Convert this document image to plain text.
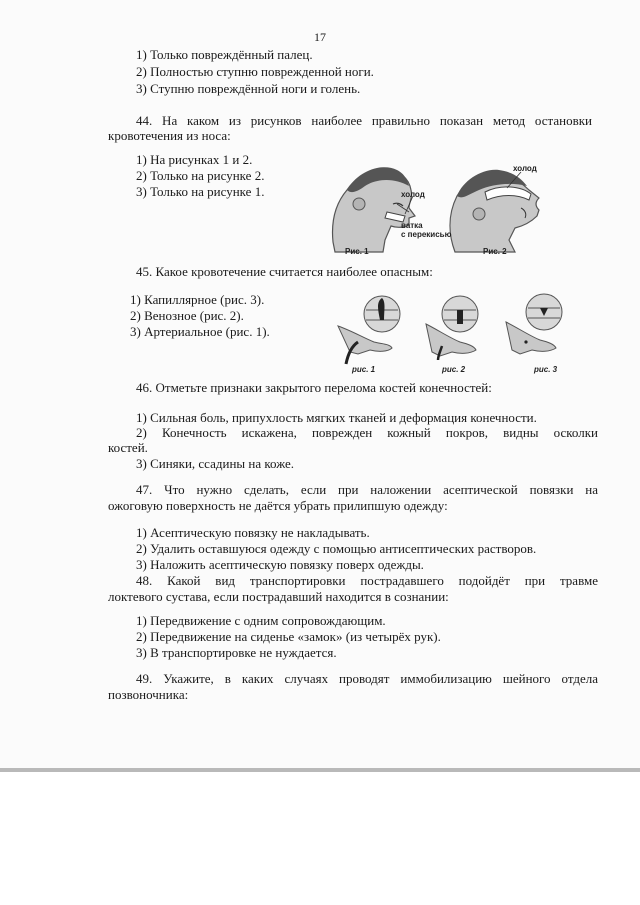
17
1) Только повреждённый палец.
2) Полностью ступню поврежденной ноги.
3) Ступню повреждённой ноги и голень.
44. На каком из рисунков наиболее правильно показан метод остановки
кровотечения из носа:
1) На рисунках 1 и 2.
2) Только на рисунке 2.
3) Только на рисунке 1.
холод
холод
ватка
с перекисью
Рис. 1	Рис. 2
45. Какое кровотечение считается наиболее опасным:
1) Капиллярное (рис. 3).
2) Венозное (рис. 2).
3) Артериальное (рис. 1).
рис. 1	рис. 2	рис. 3
46. Отметьте признаки закрытого перелома костей конечностей:
1) Сильная боль, припухлость мягких тканей и деформация конечности.
2) Конечность искажена, поврежден кожный покров, видны осколки
костей.
3) Синяки, ссадины на коже.
47. Что нужно сделать, если при наложении асептической повязки на
ожоговую поверхность не даётся убрать прилипшую одежду:
1) Асептическую повязку не накладывать.
2) Удалить оставшуюся одежду с помощью антисептических растворов.
3) Наложить асептическую повязку поверх одежды.
48. Какой вид транспортировки пострадавшего подойдёт при травме
локтевого сустава, если пострадавший находится в сознании:
1) Передвижение с одним сопровождающим.
2) Передвижение на сиденье «замок» (из четырёх рук).
3) В транспортировке не нуждается.
49. Укажите, в каких случаях проводят иммобилизацию шейного отдела
позвоночника:
